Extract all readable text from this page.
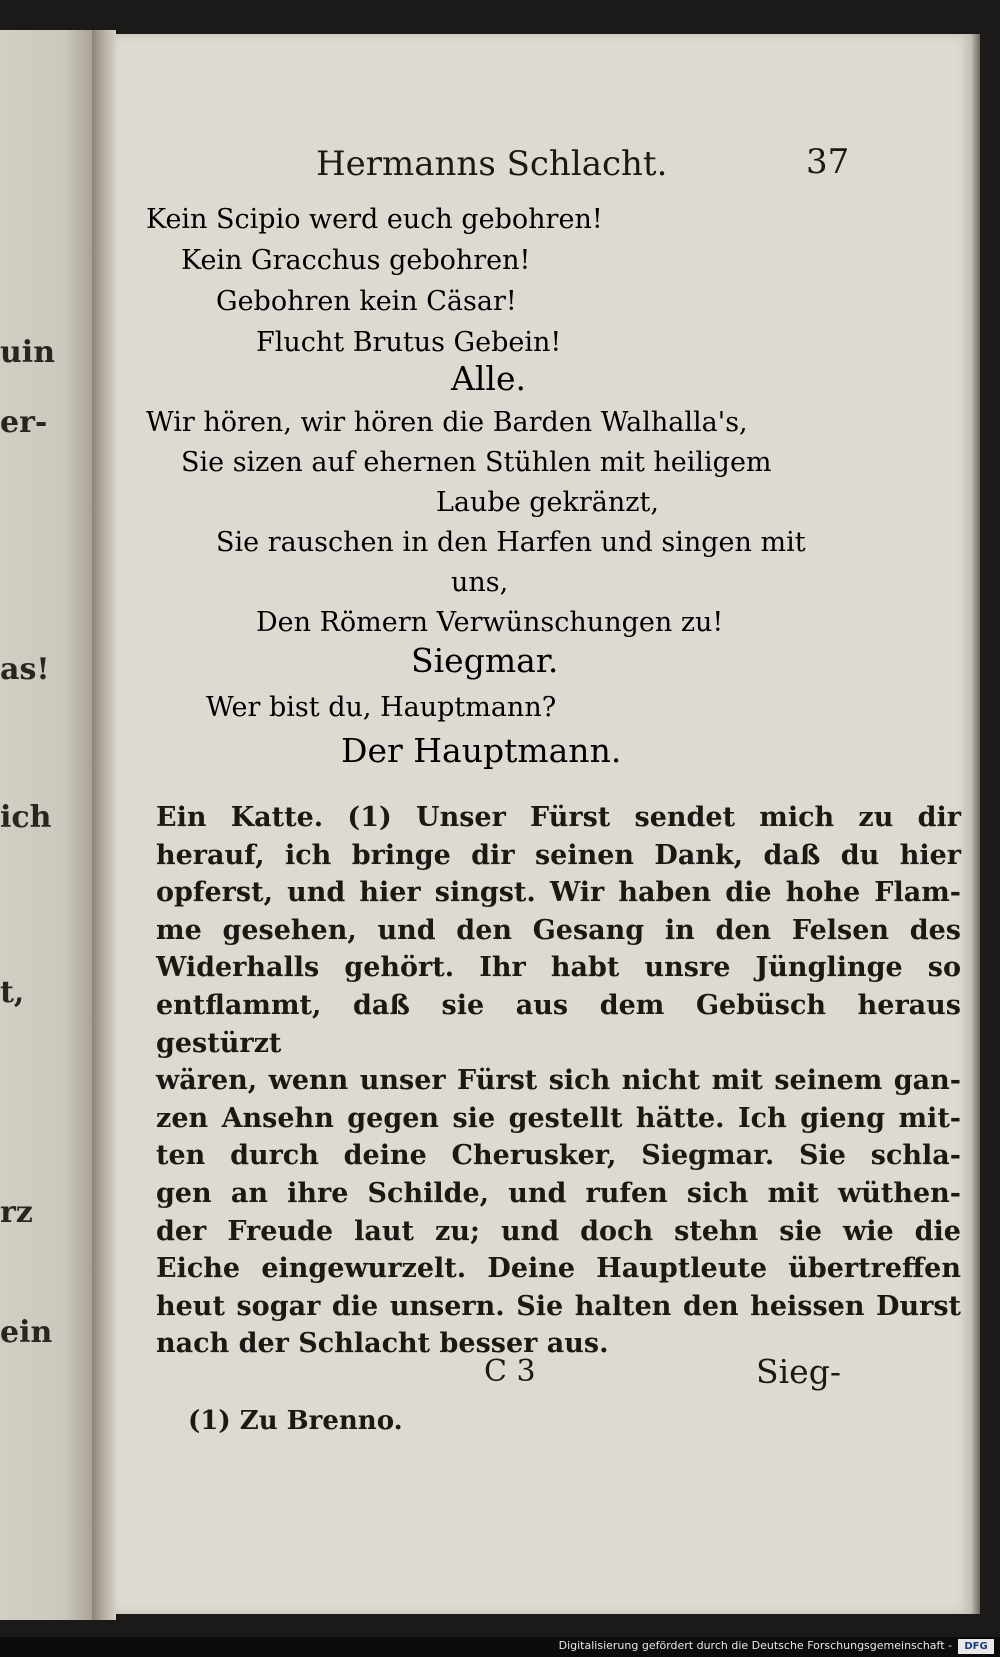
uin
er-
as!
ich
t,
rz
ein
Hermanns Schlacht.	37
Kein Scipio werd euch gebohren!
Kein Gracchus gebohren!
Gebohren kein Cäsar!
Flucht Brutus Gebein!
Alle.
Wir hören, wir hören die Barden Walhalla's,
Sie sizen auf ehernen Stühlen mit heiligem
Laube gekränzt,
Sie rauschen in den Harfen und singen mit
uns,
Den Römern Verwünschungen zu!
Siegmar.
Wer bist du, Hauptmann?
Der Hauptmann.
Ein Katte. (1) Unser Fürst sendet mich zu dir
herauf, ich bringe dir seinen Dank, daß du hier
opferst, und hier singst. Wir haben die hohe Flam-
me gesehen, und den Gesang in den Felsen des
Widerhalls gehört. Ihr habt unsre Jünglinge so
entflammt, daß sie aus dem Gebüsch heraus gestürzt
wären, wenn unser Fürst sich nicht mit seinem gan-
zen Ansehn gegen sie gestellt hätte. Ich gieng mit-
ten durch deine Cherusker, Siegmar. Sie schla-
gen an ihre Schilde, und rufen sich mit wüthen-
der Freude laut zu; und doch stehn sie wie die
Eiche eingewurzelt. Deine Hauptleute übertreffen
heut sogar die unsern. Sie halten den heissen Durst
nach der Schlacht besser aus.
C 3	Sieg-
(1) Zu Brenno.
Digitalisierung gefördert durch die Deutsche Forschungsgemeinschaft -	DFG
